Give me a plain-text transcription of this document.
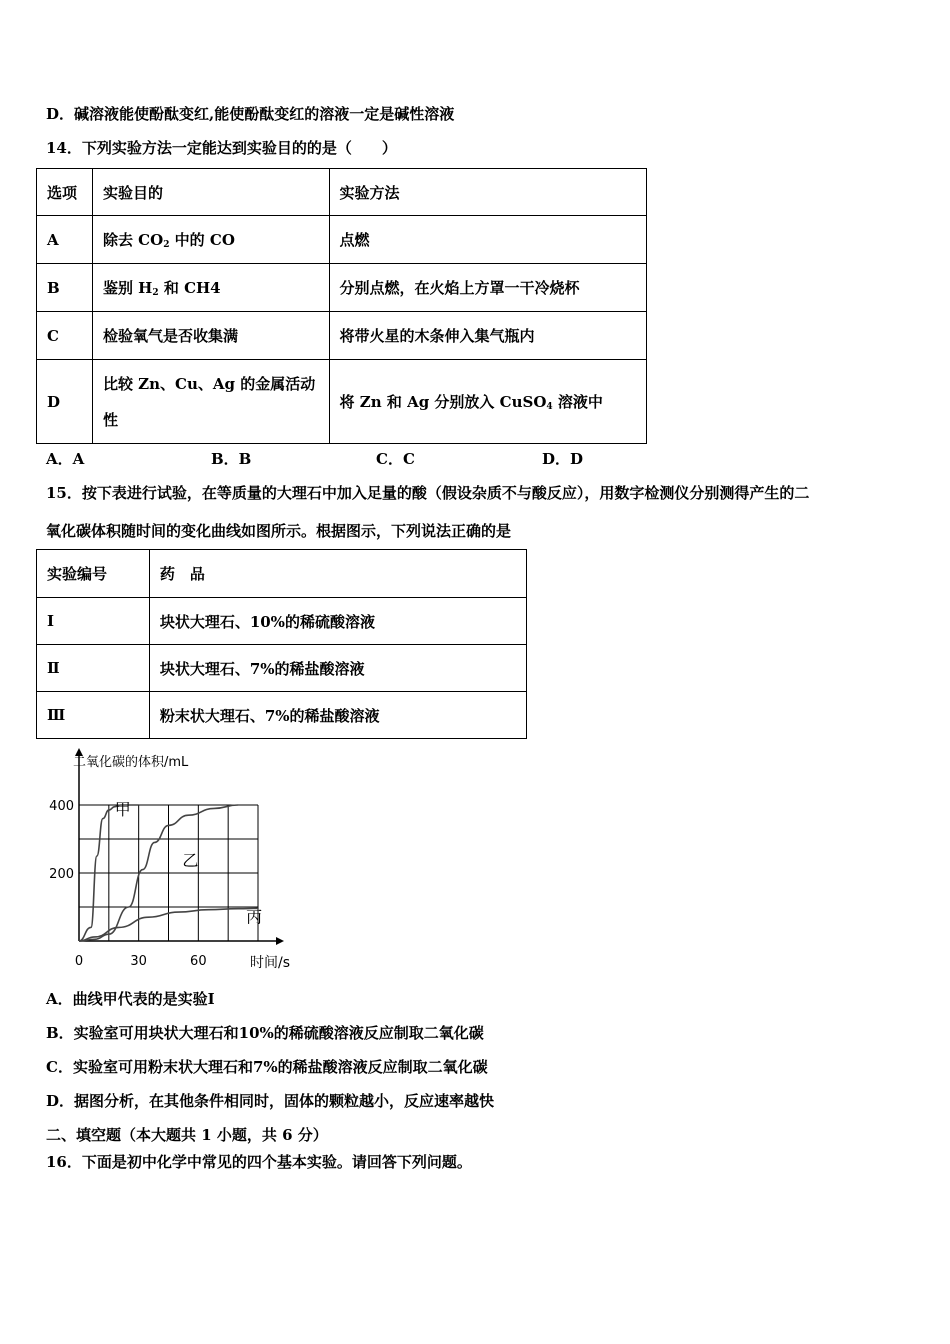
D．碱溶液能使酚酞变红,能使酚酞变红的溶液一定是碱性溶液
14．下列实验方法一定能达到实验目的的是（　　）
选项	实验目的	实验方法
A	除去 $CO_2$ 中的 CO	点燃
B	鉴别 $H_2$ 和 CH4	分别点燃，在火焰上方罩一干冷烧杯
C	检验氧气是否收集满	将带火星的木条伸入集气瓶内
D	比较 Zn、Cu、Ag 的金属活动性	将 Zn 和 Ag 分别放入 CuSO$_4$ 溶液中
A．A	B．B	C．C	D．D
15．按下表进行试验，在等质量的大理石中加入足量的酸（假设杂质不与酸反应），用数字检测仪分别测得产生的二
氧化碳体积随时间的变化曲线如图所示。根据图示，下列说法正确的是
实验编号	药　品
Ⅰ	块状大理石、10%的稀硫酸溶液
Ⅱ	块状大理石、7%的稀盐酸溶液
Ⅲ	粉末状大理石、7%的稀盐酸溶液
甲
乙
丙
0	30	60
200
400
二氧化碳的体积/mL
时间/s
A．曲线甲代表的是实验Ⅰ
B．实验室可用块状大理石和10%的稀硫酸溶液反应制取二氧化碳
C．实验室可用粉末状大理石和7%的稀盐酸溶液反应制取二氧化碳
D．据图分析，在其他条件相同时，固体的颗粒越小，反应速率越快
二、填空题（本大题共 1 小题，共 6 分）
16．下面是初中化学中常见的四个基本实验。请回答下列问题。
